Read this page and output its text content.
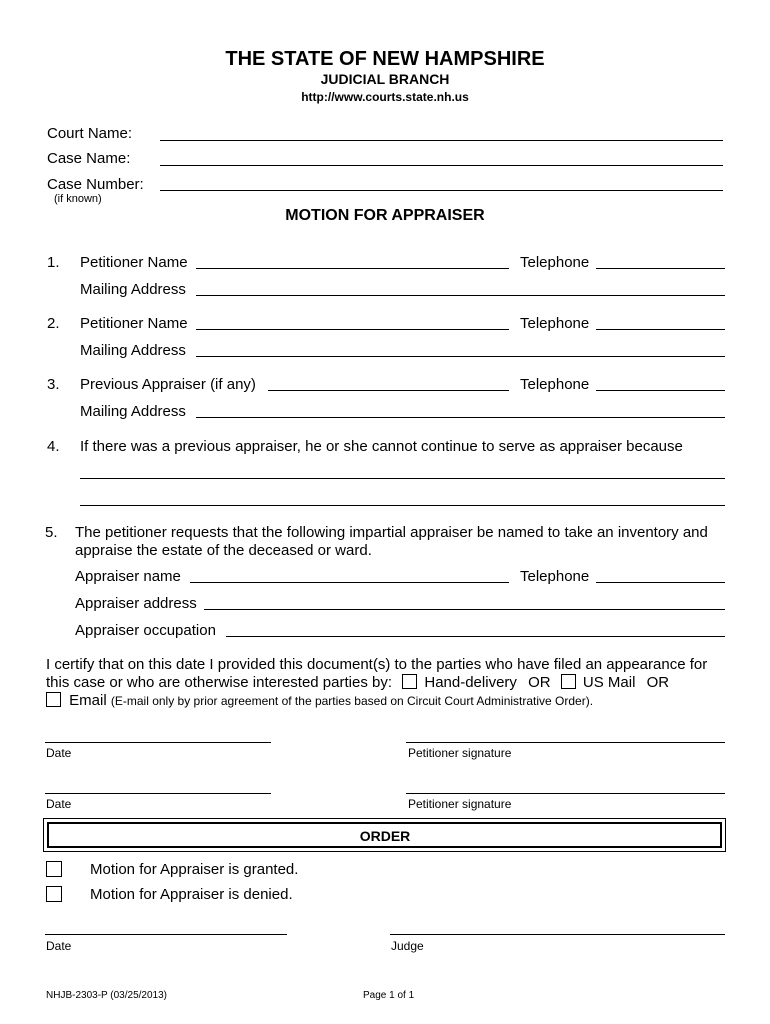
THE STATE OF NEW HAMPSHIRE
JUDICIAL BRANCH
http://www.courts.state.nh.us
Court Name:
Case Name:
Case Number:
(if known)
MOTION FOR APPRAISER
1. Petitioner Name	Telephone
Mailing Address
2. Petitioner Name	Telephone
Mailing Address
3. Previous Appraiser (if any)	Telephone
Mailing Address
4. If there was a previous appraiser, he or she cannot continue to serve as appraiser because
5. The petitioner requests that the following impartial appraiser be named to take an inventory and
appraise the estate of the deceased or ward.
Appraiser name	Telephone
Appraiser address
Appraiser occupation
I certify that on this date I provided this document(s) to the parties who have filed an appearance for
this case or who are otherwise interested parties by: Hand-delivery OR US Mail OR
Email (E-mail only by prior agreement of the parties based on Circuit Court Administrative Order).
Date	Petitioner signature
Date	Petitioner signature
ORDER
Motion for Appraiser is granted.
Motion for Appraiser is denied.
Date	Judge
NHJB-2303-P (03/25/2013)	Page 1 of 1
